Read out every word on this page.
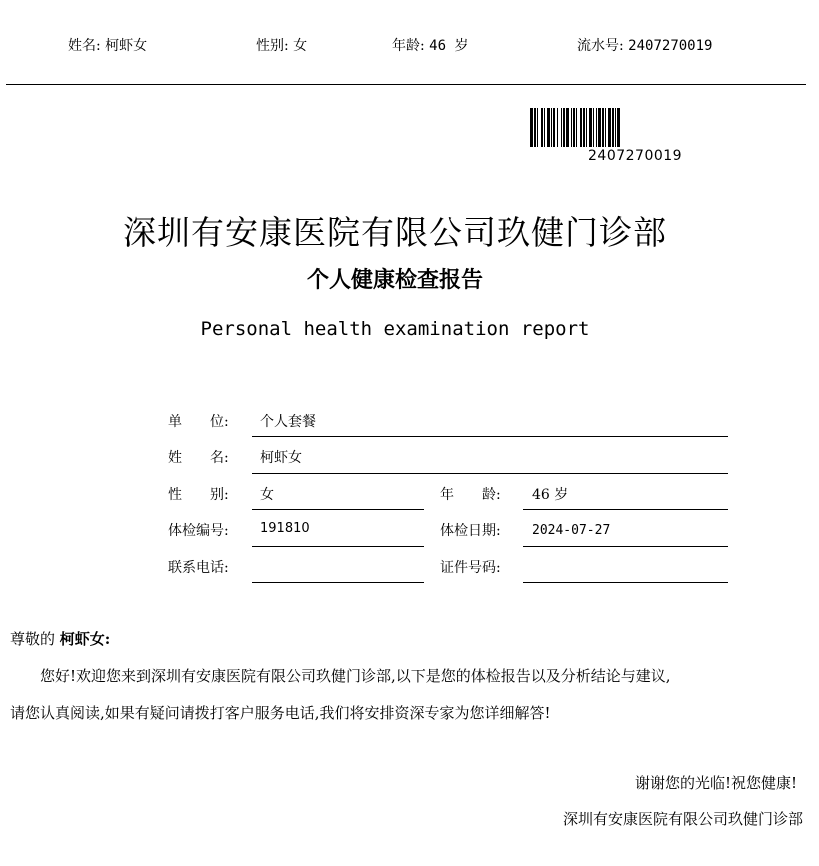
姓名: 柯虾女	性别: 女	年龄: 46 岁	流水号: 2407270019
2407270019
深圳有安康医院有限公司玖健门诊部
个人健康检查报告
Personal health examination report
单　　位: 个人套餐
姓　　名: 柯虾女
性　　别: 女	年　　龄: 46 岁
体检编号: 191810	体检日期: 2024-07-27
联系电话:	证件号码:
尊敬的 柯虾女:
您好!欢迎您来到深圳有安康医院有限公司玖健门诊部,以下是您的体检报告以及分析结论与建议,
请您认真阅读,如果有疑问请拨打客户服务电话,我们将安排资深专家为您详细解答!
谢谢您的光临!祝您健康!
深圳有安康医院有限公司玖健门诊部
